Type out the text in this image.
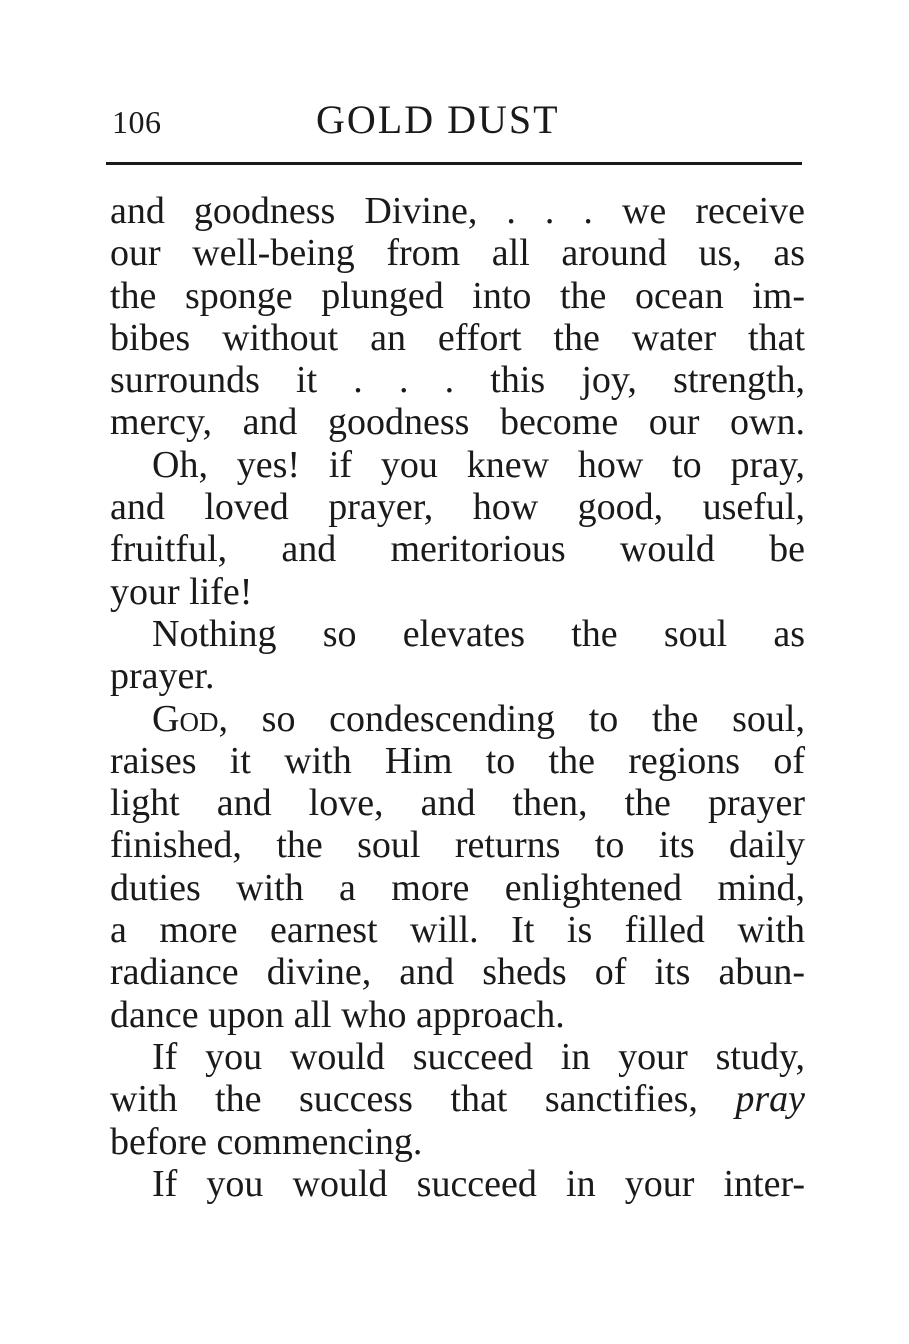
106	GOLD DUST
and goodness Divine, . . . we receive
our well-being from all around us, as
the sponge plunged into the ocean im-
bibes without an effort the water that
surrounds it . . . this joy, strength,
mercy, and goodness become our own.
Oh, yes! if you knew how to pray,
and loved prayer, how good, useful,
fruitful, and meritorious would be
your life!
Nothing so elevates the soul as
prayer.
God, so condescending to the soul,
raises it with Him to the regions of
light and love, and then, the prayer
finished, the soul returns to its daily
duties with a more enlightened mind,
a more earnest will. It is filled with
radiance divine, and sheds of its abun-
dance upon all who approach.
If you would succeed in your study,
with the success that sanctifies, pray
before commencing.
If you would succeed in your inter-
